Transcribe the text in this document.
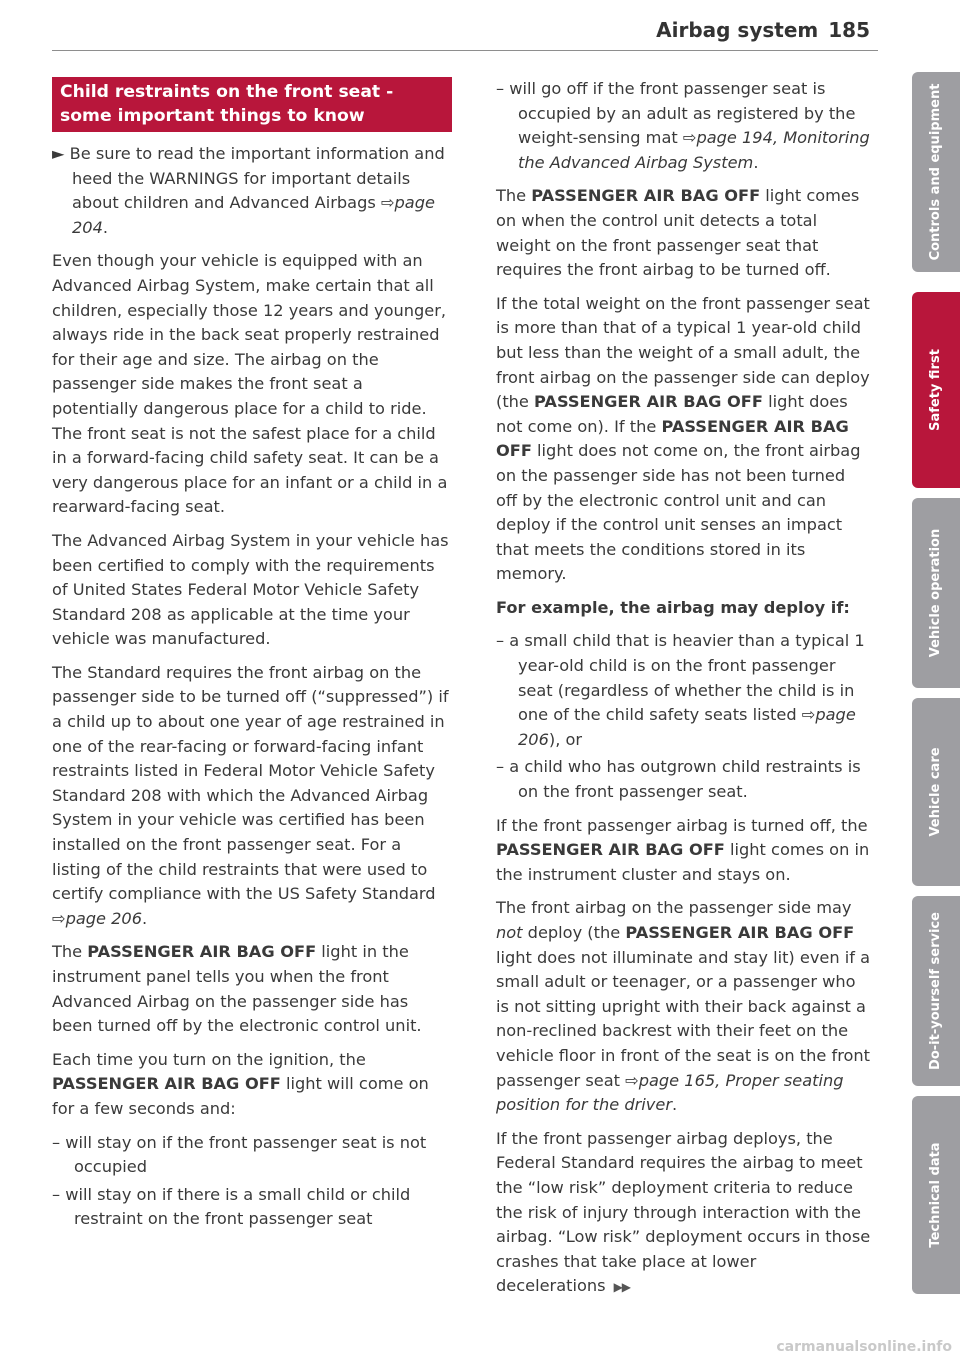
Airbag system 185
Child restraints on the front seat - some important things to know

► Be sure to read the important information and heed the WARNINGS for important details about children and Advanced Airbags ⇨page 204.

Even though your vehicle is equipped with an Advanced Airbag System, make certain that all children, especially those 12 years and younger, always ride in the back seat properly restrained for their age and size. The airbag on the passenger side makes the front seat a potentially dangerous place for a child to ride. The front seat is not the safest place for a child in a forward-facing child safety seat. It can be a very dangerous place for an infant or a child in a rearward-facing seat.

The Advanced Airbag System in your vehicle has been certified to comply with the requirements of United States Federal Motor Vehicle Safety Standard 208 as applicable at the time your vehicle was manufactured.

The Standard requires the front airbag on the passenger side to be turned off (“suppressed”) if a child up to about one year of age restrained in one of the rear-facing or forward-facing infant restraints listed in Federal Motor Vehicle Safety Standard 208 with which the Advanced Airbag System in your vehicle was certified has been installed on the front passenger seat. For a listing of the child restraints that were used to certify compliance with the US Safety Standard ⇨page 206.

The PASSENGER AIR BAG OFF light in the instrument panel tells you when the front Advanced Airbag on the passenger side has been turned off by the electronic control unit.

Each time you turn on the ignition, the PASSENGER AIR BAG OFF light will come on for a few seconds and:

– will stay on if the front passenger seat is not occupied

– will stay on if there is a small child or child restraint on the front passenger seat

– will go off if the front passenger seat is occupied by an adult as registered by the weight-sensing mat ⇨page 194, Monitoring the Advanced Airbag System.

The PASSENGER AIR BAG OFF light comes on when the control unit detects a total weight on the front passenger seat that requires the front airbag to be turned off.

If the total weight on the front passenger seat is more than that of a typical 1 year-old child but less than the weight of a small adult, the front airbag on the passenger side can deploy (the PASSENGER AIR BAG OFF light does not come on). If the PASSENGER AIR BAG OFF light does not come on, the front airbag on the passenger side has not been turned off by the electronic control unit and can deploy if the control unit senses an impact that meets the conditions stored in its memory.

For example, the airbag may deploy if:

– a small child that is heavier than a typical 1 year-old child is on the front passenger seat (regardless of whether the child is in one of the child safety seats listed ⇨page 206), or

– a child who has outgrown child restraints is on the front passenger seat.

If the front passenger airbag is turned off, the PASSENGER AIR BAG OFF light comes on in the instrument cluster and stays on.

The front airbag on the passenger side may not deploy (the PASSENGER AIR BAG OFF light does not illuminate and stay lit) even if a small adult or teenager, or a passenger who is not sitting upright with their back against a non-reclined backrest with their feet on the vehicle floor in front of the seat is on the front passenger seat ⇨page 165, Proper seating position for the driver.

If the front passenger airbag deploys, the Federal Standard requires the airbag to meet the “low risk” deployment criteria to reduce the risk of injury through interaction with the airbag. “Low risk” deployment occurs in those crashes that take place at lower decelerations ▶▶

Controls and equipment
Safety first
Vehicle operation
Vehicle care
Do-it-yourself service
Technical data
carmanualsonline.info
